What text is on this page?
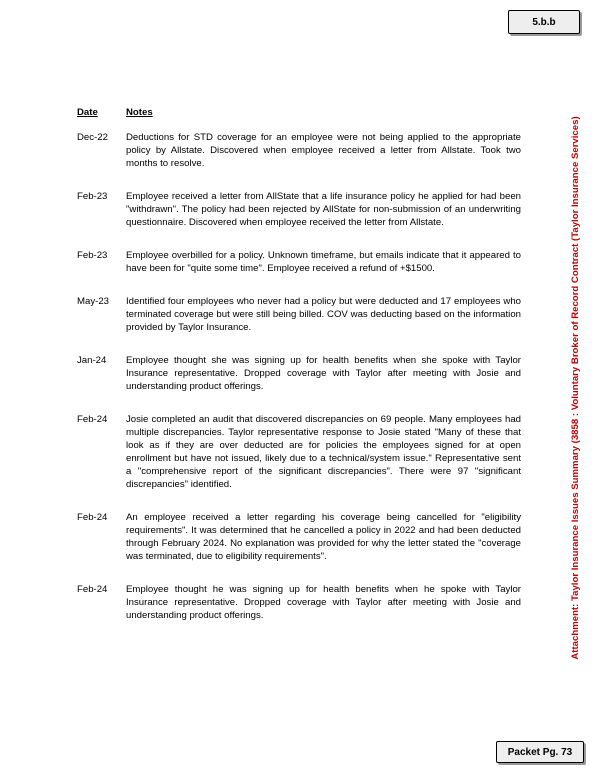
5.b.b
Attachment: Taylor Insurance Issues Summary (3858 : Voluntary Broker of Record Contract (Taylor Insurance Services)
Date	Notes
Dec-22	Deductions for STD coverage for an employee were not being applied to the appropriate policy by Allstate. Discovered when employee received a letter from Allstate. Took two months to resolve.
Feb-23	Employee received a letter from AllState that a life insurance policy he applied for had been "withdrawn". The policy had been rejected by AllState for non-submission of an underwriting questionnaire. Discovered when employee received the letter from Allstate.
Feb-23	Employee overbilled for a policy. Unknown timeframe, but emails indicate that it appeared to have been for "quite some time". Employee received a refund of +$1500.
May-23	Identified four employees who never had a policy but were deducted and 17 employees who terminated coverage but were still being billed. COV was deducting based on the information provided by Taylor Insurance.
Jan-24	Employee thought she was signing up for health benefits when she spoke with Taylor Insurance representative. Dropped coverage with Taylor after meeting with Josie and understanding product offerings.
Feb-24	Josie completed an audit that discovered discrepancies on 69 people. Many employees had multiple discrepancies. Taylor representative response to Josie stated "Many of these that look as if they are over deducted are for policies the employees signed for at open enrollment but have not issued, likely due to a technical/system issue." Representative sent a "comprehensive report of the significant discrepancies". There were 97 "significant discrepancies" identified.
Feb-24	An employee received a letter regarding his coverage being cancelled for "eligibility requirements". It was determined that he cancelled a policy in 2022 and had been deducted through February 2024. No explanation was provided for why the letter stated the "coverage was terminated, due to eligibility requirements".
Feb-24	Employee thought he was signing up for health benefits when he spoke with Taylor Insurance representative. Dropped coverage with Taylor after meeting with Josie and understanding product offerings.
Packet Pg. 73
